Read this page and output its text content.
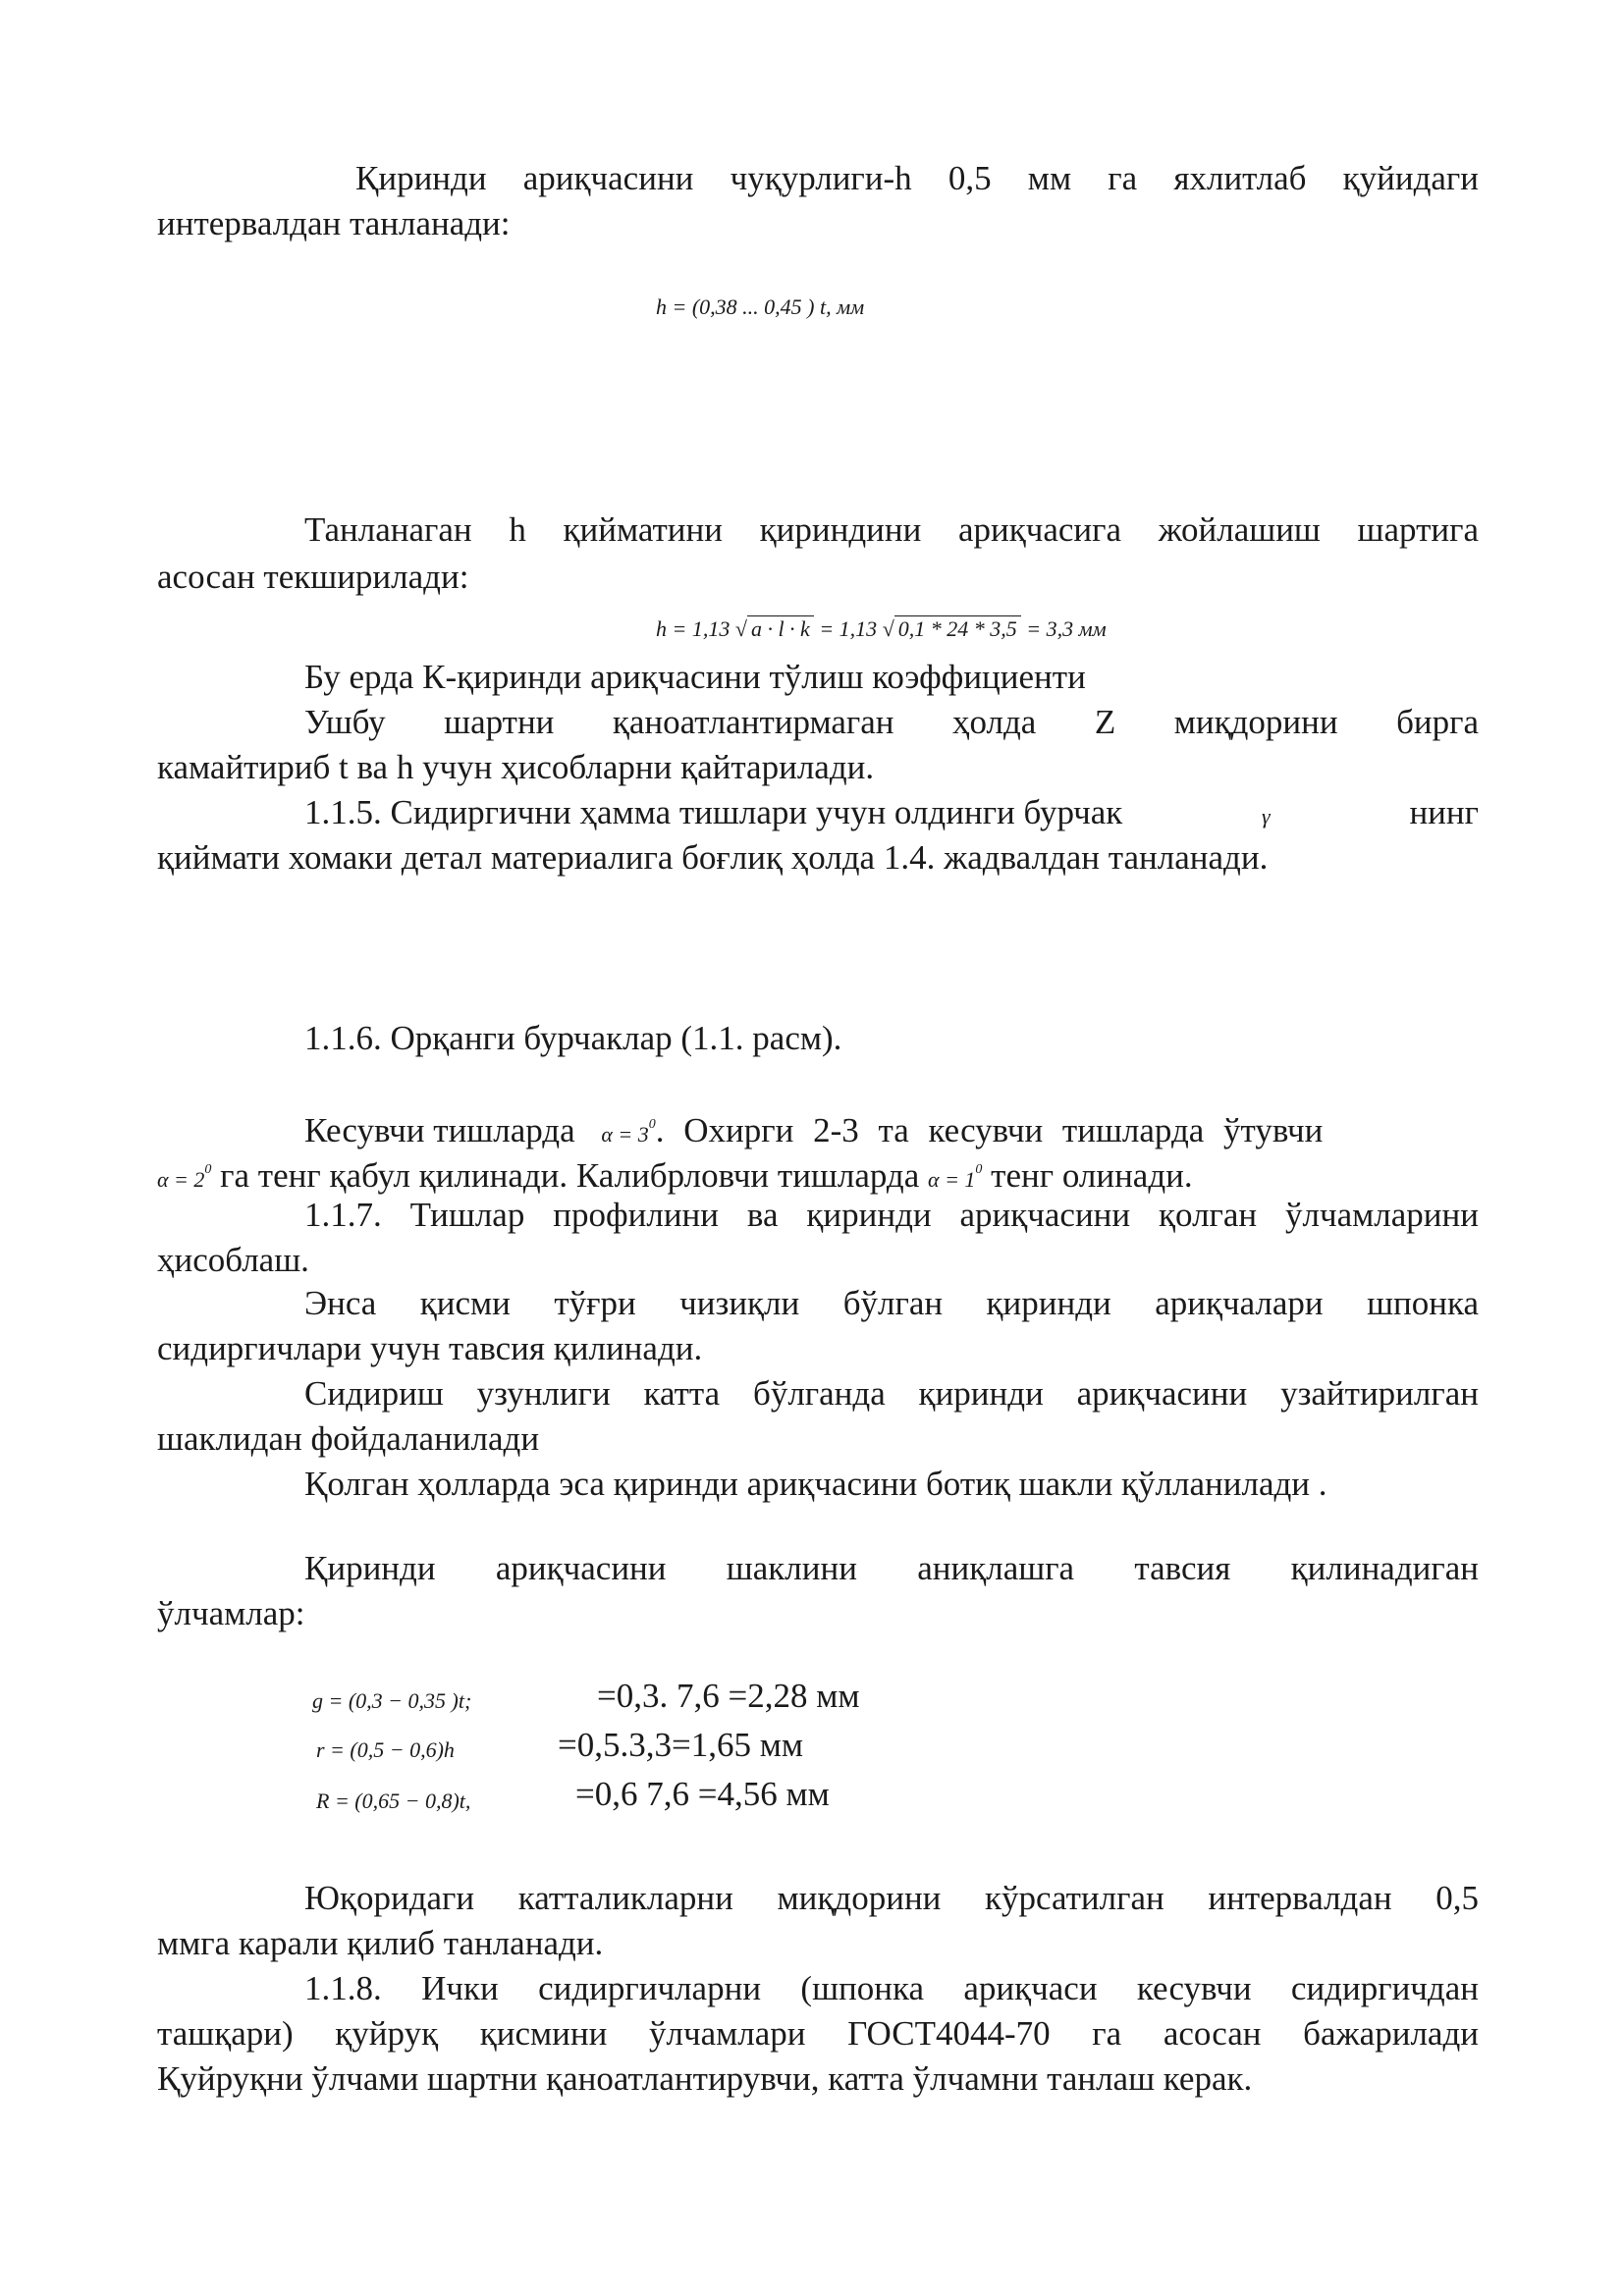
Қиринди ариқчасини чуқурлиги-h 0,5 мм га яхлитлаб қуйидаги
интервалдан танланади:
h = (0,38 ... 0,45 ) t, мм
Танланаган h қийматини қириндини ариқчасига жойлашиш шартига
асосан текширилади:
h = 1,13 √ a · l · k = 1,13 √ 0,1 * 24 * 3,5 = 3,3 мм
Бу ерда К-қиринди ариқчасини тўлиш коэффициенти
Ушбу шартни қаноатлантирмаган ҳолда Z миқдорини бирга
камайтириб t ва h учун ҳисобларни қайтарилади.
1.1.5. Сидиргични ҳамма тишлари учун олдинги бурчак	γ	нинг
қиймати хомаки детал материалига боғлиқ ҳолда 1.4. жадвалдан танланади.
1.1.6. Орқанги бурчаклар (1.1. расм).
Кесувчи тишларда $\alpha = 3^0$. Охирги 2-3 та кесувчи тишларда ўтувчи
$\alpha = 2^0$ га тенг қабул қилинади. Калибрловчи тишларда $\alpha = 1^0$ тенг олинади.
1.1.7. Тишлар профилини ва қиринди ариқчасини қолган ўлчамларини
ҳисоблаш.
Энса қисми тўғри чизиқли бўлган қиринди ариқчалари шпонка
сидиргичлари учун тавсия қилинади.
Сидириш узунлиги катта бўлганда қиринди ариқчасини узайтирилган
шаклидан фойдаланилади
Қолган ҳолларда эса қиринди ариқчасини ботиқ шакли қўлланилади .
Қиринди ариқчасини шаклини аниқлашга тавсия қилинадиган
ўлчамлар:
g = (0,3 − 0,35 )t;	=0,3. 7,6 =2,28 мм
r = (0,5 − 0,6)h	=0,5.3,3=1,65 мм
R = (0,65 − 0,8)t,	=0,6 7,6 =4,56 мм
Юқоридаги катталикларни миқдорини кўрсатилган интервалдан 0,5
ммга карали қилиб танланади.
1.1.8. Ички сидиргичларни (шпонка ариқчаси кесувчи сидиргичдан
ташқари) қуйруқ қисмини ўлчамлари ГОСТ4044-70 га асосан бажарилади
Қуйруқни ўлчами шартни қаноатлантирувчи, катта ўлчамни танлаш керак.
